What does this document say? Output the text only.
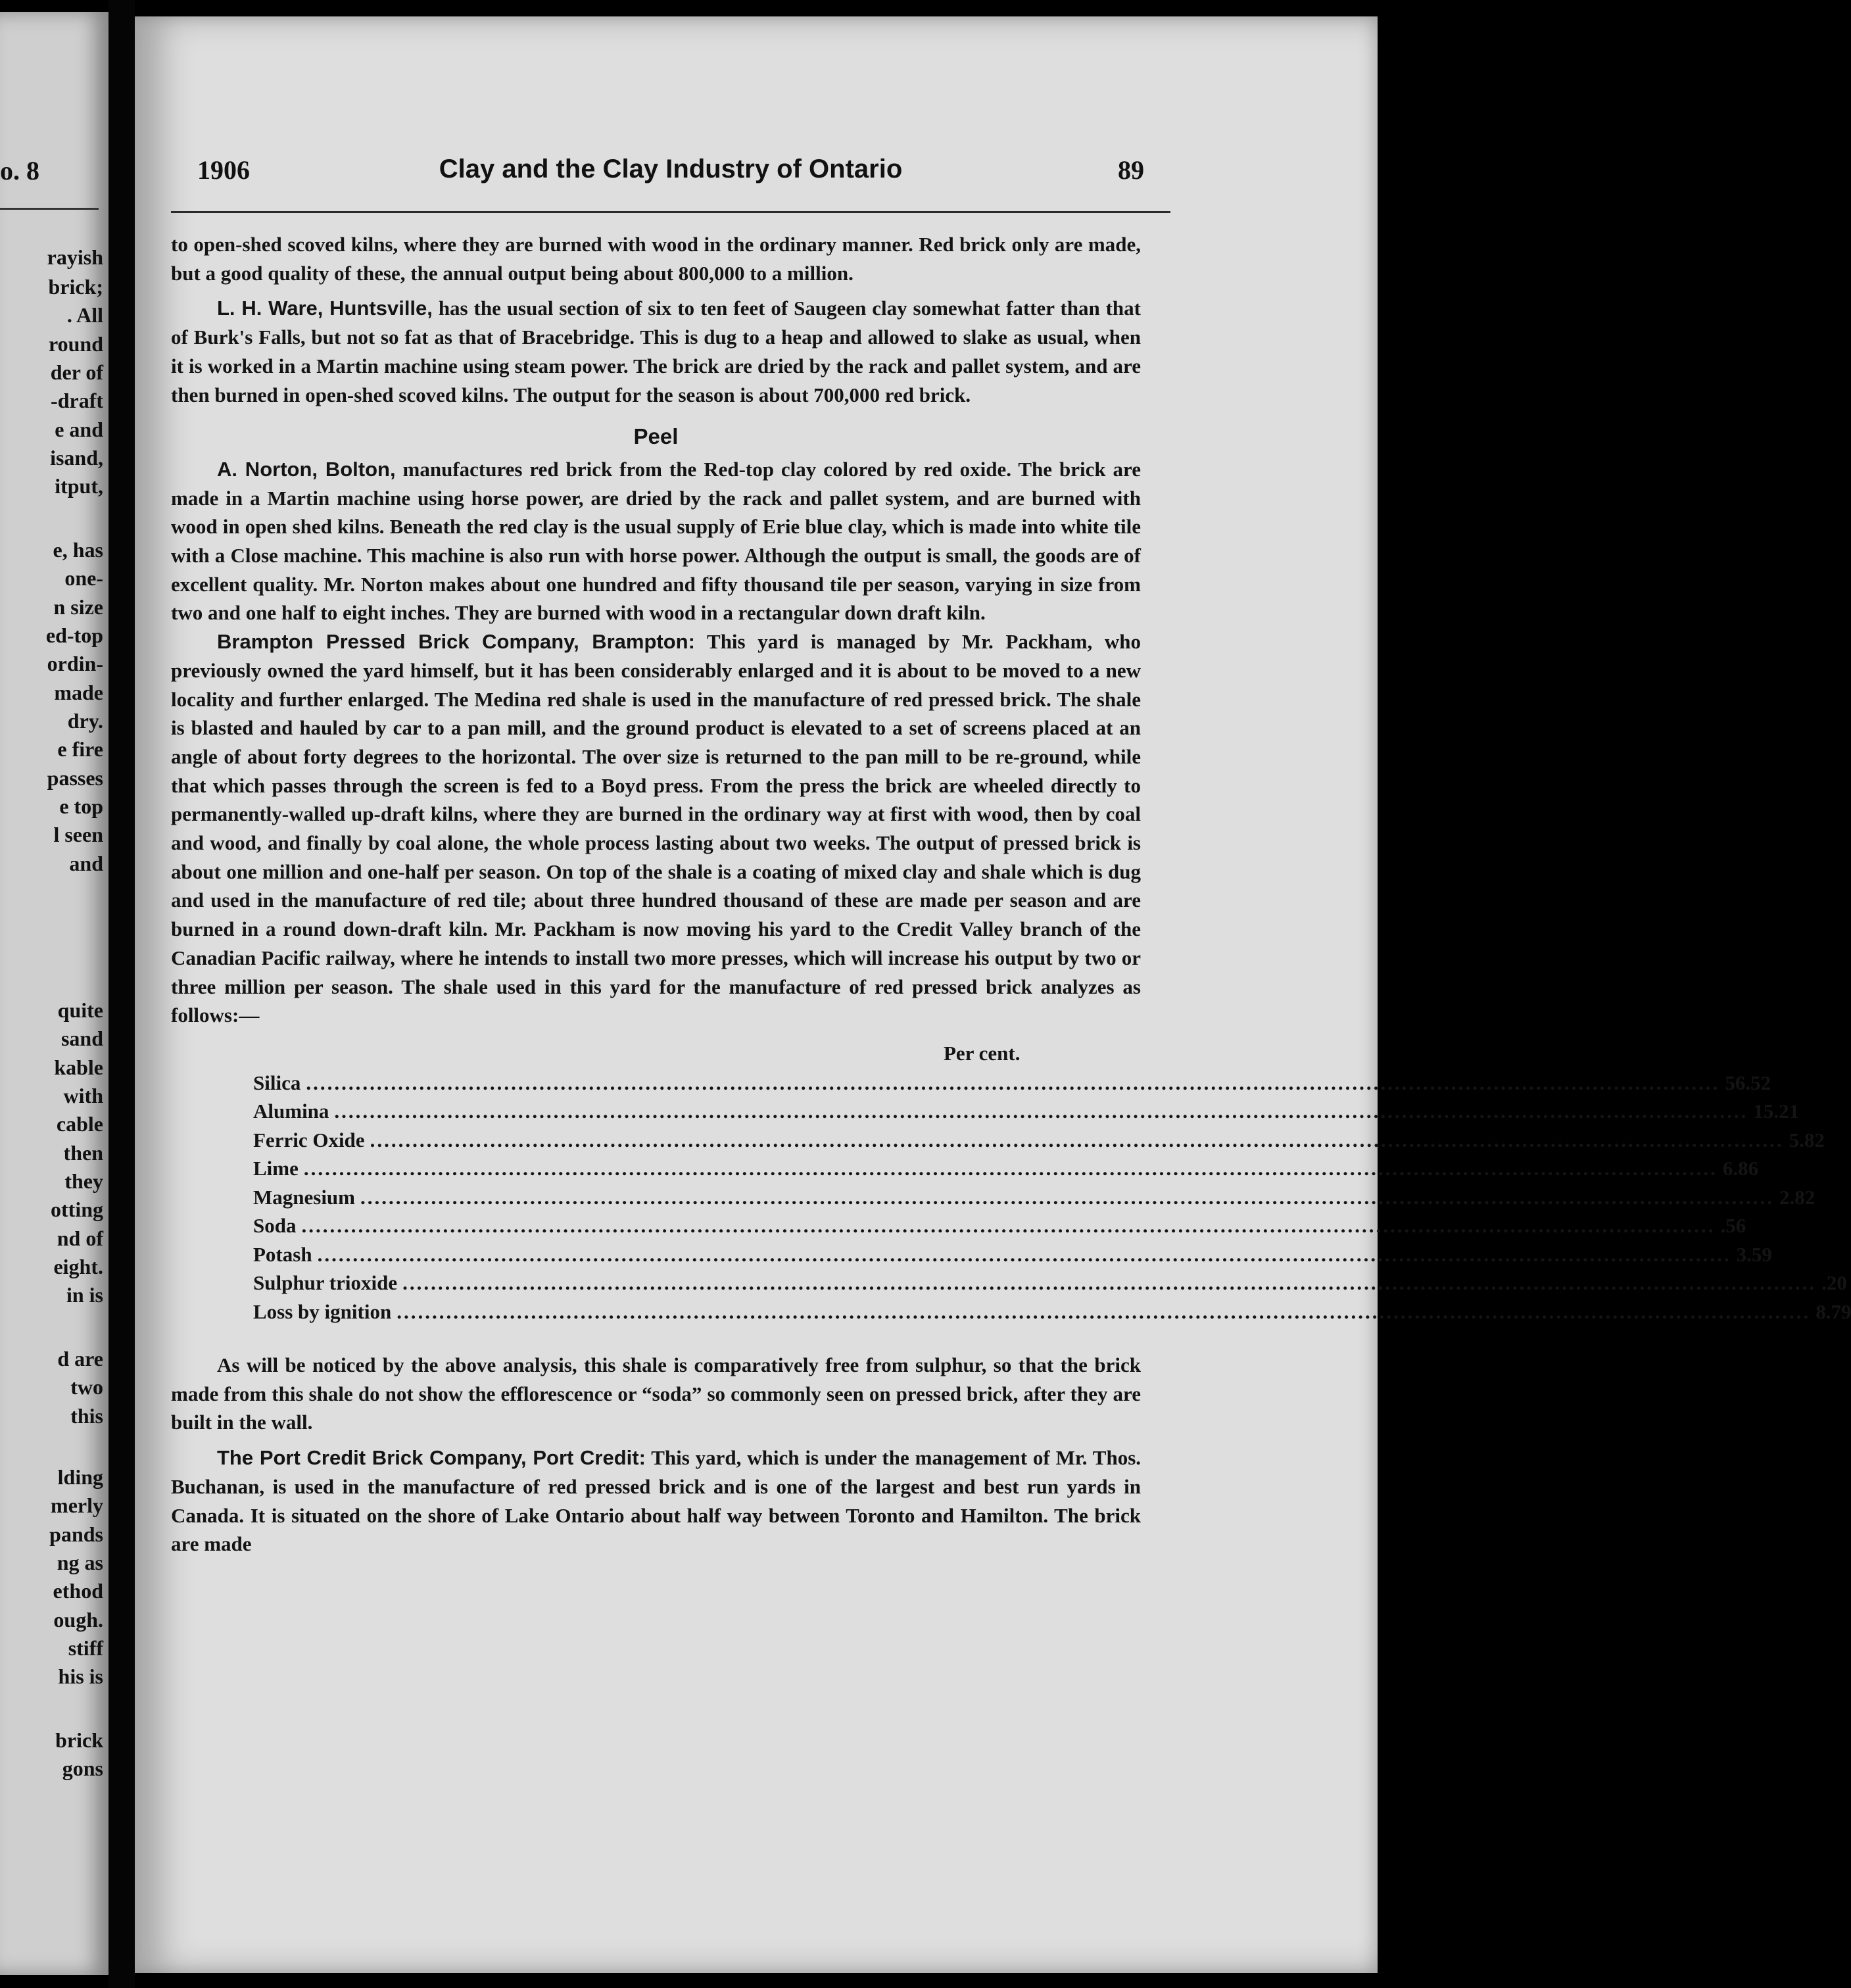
o. 8
rayish
brick;
. All
round
der of
-draft
e and
isand,
itput,
e, has
one-
n size
ed-top
ordin-
made
dry.
e fire
passes
e top
l seen
and
quite
sand
kable
with
cable
then
they
otting
nd of
eight.
in is
d are
two
this
lding
merly
pands
ng as
ethod
ough.
stiff
his is
brick
gons
1906	Clay and the Clay Industry of Ontario	89

to open-shed scoved kilns, where they are burned with wood in the ordinary manner. Red brick only are made, but a good quality of these, the annual output being about 800,000 to a million.

L. H. Ware, Huntsville, has the usual section of six to ten feet of Saugeen clay somewhat fatter than that of Burk's Falls, but not so fat as that of Bracebridge. This is dug to a heap and allowed to slake as usual, when it is worked in a Martin machine using steam power. The brick are dried by the rack and pallet system, and are then burned in open-shed scoved kilns. The output for the season is about 700,000 red brick.

Peel

A. Norton, Bolton, manufactures red brick from the Red-top clay colored by red oxide. The brick are made in a Martin machine using horse power, are dried by the rack and pallet system, and are burned with wood in open shed kilns. Beneath the red clay is the usual supply of Erie blue clay, which is made into white tile with a Close machine. This machine is also run with horse power. Although the output is small, the goods are of excellent quality. Mr. Norton makes about one hundred and fifty thousand tile per season, varying in size from two and one half to eight inches. They are burned with wood in a rectangular down draft kiln.

Brampton Pressed Brick Company, Brampton: This yard is managed by Mr. Packham, who previously owned the yard himself, but it has been considerably enlarged and it is about to be moved to a new locality and further enlarged. The Medina red shale is used in the manufacture of red pressed brick. The shale is blasted and hauled by car to a pan mill, and the ground product is elevated to a set of screens placed at an angle of about forty degrees to the horizontal. The over size is returned to the pan mill to be re-ground, while that which passes through the screen is fed to a Boyd press. From the press the brick are wheeled directly to permanently-walled up-draft kilns, where they are burned in the ordinary way at first with wood, then by coal and wood, and finally by coal alone, the whole process lasting about two weeks. The output of pressed brick is about one million and one-half per season. On top of the shale is a coating of mixed clay and shale which is dug and used in the manufacture of red tile; about three hundred thousand of these are made per season and are burned in a round down-draft kiln. Mr. Packham is now moving his yard to the Credit Valley branch of the Canadian Pacific railway, where he intends to install two more presses, which will increase his output by two or three million per season. The shale used in this yard for the manufacture of red pressed brick analyzes as follows:—

Per cent.
Silica ........................................................................................................................................................................................................ 56.52
Alumina ........................................................................................................................................................................................................ 15.21
Ferric Oxide ........................................................................................................................................................................................................ 5.82
Lime ........................................................................................................................................................................................................ 6.86
Magnesium ........................................................................................................................................................................................................ 2.82
Soda ........................................................................................................................................................................................................ .56
Potash ........................................................................................................................................................................................................ 3.59
Sulphur trioxide ........................................................................................................................................................................................................ .20
Loss by ignition ........................................................................................................................................................................................................ 8.79

As will be noticed by the above analysis, this shale is comparatively free from sulphur, so that the brick made from this shale do not show the efflorescence or “soda” so commonly seen on pressed brick, after they are built in the wall.

The Port Credit Brick Company, Port Credit: This yard, which is under the management of Mr. Thos. Buchanan, is used in the manufacture of red pressed brick and is one of the largest and best run yards in Canada. It is situated on the shore of Lake Ontario about half way between Toronto and Hamilton. The brick are made
